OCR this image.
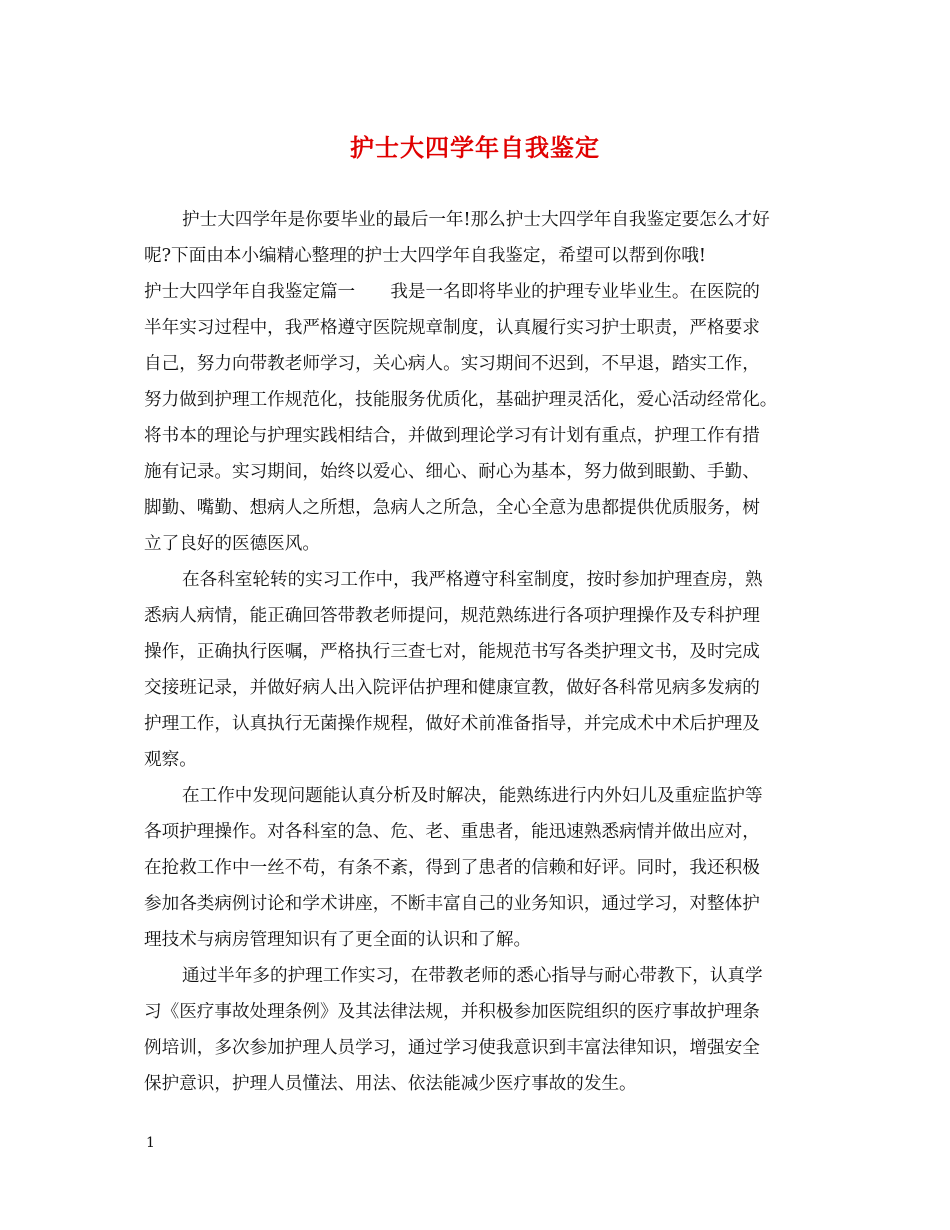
护士大四学年自我鉴定
护士大四学年是你要毕业的最后一年!那么护士大四学年自我鉴定要怎么才好
呢?下面由本小编精心整理的护士大四学年自我鉴定，希望可以帮到你哦!
护士大四学年自我鉴定篇一　　我是一名即将毕业的护理专业毕业生。在医院的
半年实习过程中，我严格遵守医院规章制度，认真履行实习护士职责，严格要求
自己，努力向带教老师学习，关心病人。实习期间不迟到，不早退，踏实工作，
努力做到护理工作规范化，技能服务优质化，基础护理灵活化，爱心活动经常化。
将书本的理论与护理实践相结合，并做到理论学习有计划有重点，护理工作有措
施有记录。实习期间，始终以爱心、细心、耐心为基本，努力做到眼勤、手勤、
脚勤、嘴勤、想病人之所想，急病人之所急，全心全意为患都提供优质服务，树
立了良好的医德医风。
在各科室轮转的实习工作中，我严格遵守科室制度，按时参加护理查房，熟
悉病人病情，能正确回答带教老师提问，规范熟练进行各项护理操作及专科护理
操作，正确执行医嘱，严格执行三查七对，能规范书写各类护理文书，及时完成
交接班记录，并做好病人出入院评估护理和健康宣教，做好各科常见病多发病的
护理工作，认真执行无菌操作规程，做好术前准备指导，并完成术中术后护理及
观察。
在工作中发现问题能认真分析及时解决，能熟练进行内外妇儿及重症监护等
各项护理操作。对各科室的急、危、老、重患者，能迅速熟悉病情并做出应对，
在抢救工作中一丝不苟，有条不紊，得到了患者的信赖和好评。同时，我还积极
参加各类病例讨论和学术讲座，不断丰富自己的业务知识，通过学习，对整体护
理技术与病房管理知识有了更全面的认识和了解。
通过半年多的护理工作实习，在带教老师的悉心指导与耐心带教下，认真学
习《医疗事故处理条例》及其法律法规，并积极参加医院组织的医疗事故护理条
例培训，多次参加护理人员学习，通过学习使我意识到丰富法律知识，增强安全
保护意识，护理人员懂法、用法、依法能减少医疗事故的发生。
1
